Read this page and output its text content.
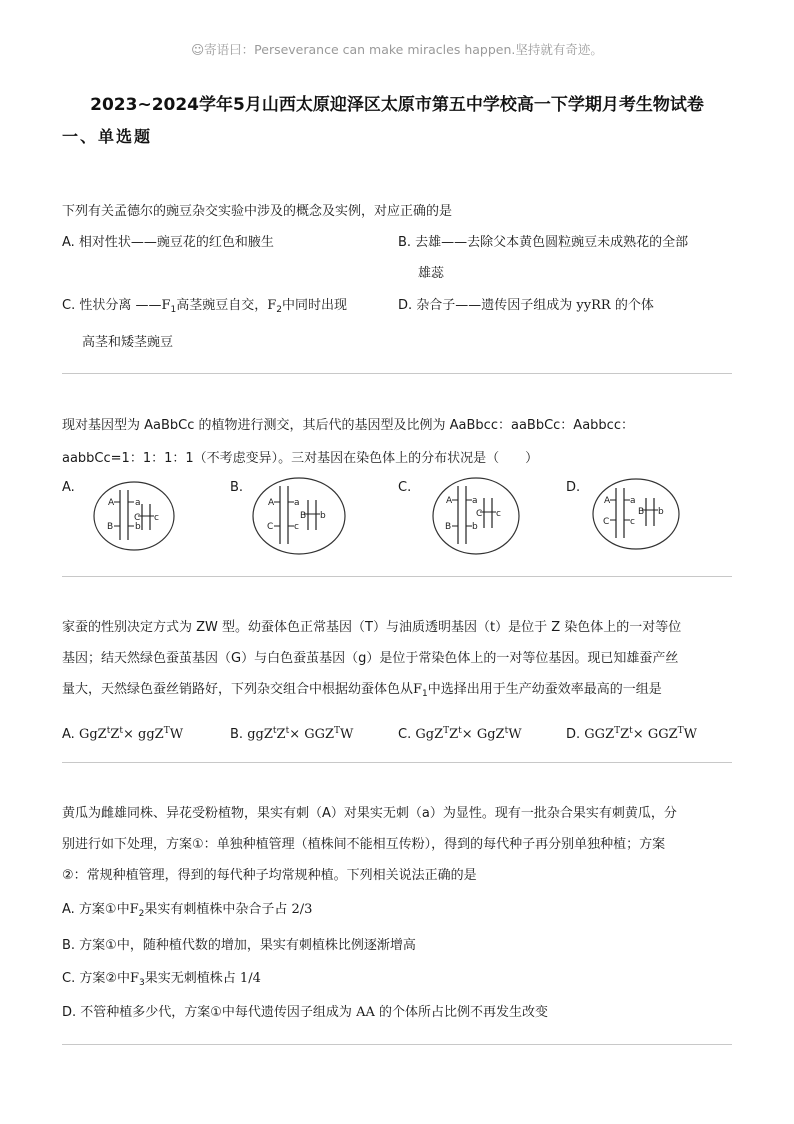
☺寄语曰：Perseverance can make miracles happen.坚持就有奇迹。
2023~2024学年5月山西太原迎泽区太原市第五中学校高一下学期月考生物试卷
一、单选题

下列有关孟德尔的豌豆杂交实验中涉及的概念及实例，对应正确的是

A. 相对性状——豌豆花的红色和腋生	B. 去雄——去除父本黄色圆粒豌豆未成熟花的全部
雄蕊
C. 性状分离 $——F_1$高茎豌豆自交，$F_2$中同时出现
高茎和矮茎豌豆
D. 杂合子——遗传因子组成为 yyRR 的个体

现对基因型为 AaBbCc 的植物进行测交，其后代的基因型及比例为 AaBbcc：aaBbCc：Aabbcc：

aabbCc=1：1：1：1（不考虑变异）。三对基因在染色体上的分布状况是（　　）

A.	B.	C.	D.
A a
B b
C c
A a
B b
C c
A a
C c
B b
A a
B b
C c

家蚕的性别决定方式为 ZW 型。幼蚕体色正常基因（T）与油质透明基因（t）是位于 Z 染色体上的一对等位

基因；结天然绿色蚕茧基因（G）与白色蚕茧基因（g）是位于常染色体上的一对等位基因。现已知雄蚕产丝

量大，天然绿色蚕丝销路好，下列杂交组合中根据幼蚕体色从$F_1$中选择出用于生产幼蚕效率最高的一组是

A. $GgZ^tZ^t\times ggZ^TW$	B. $ggZ^tZ^t\times GGZ^TW$	C. $GgZ^TZ^t\times GgZ^tW$	D. $GGZ^TZ^t\times GGZ^TW$

黄瓜为雌雄同株、异花受粉植物，果实有刺（A）对果实无刺（a）为显性。现有一批杂合果实有刺黄瓜，分

别进行如下处理，方案①：单独种植管理（植株间不能相互传粉），得到的每代种子再分别单独种植；方案

②：常规种植管理，得到的每代种子均常规种植。下列相关说法正确的是

A. 方案①中$F_2$果实有刺植株中杂合子占 2/3
B. 方案①中，随种植代数的增加，果实有刺植株比例逐渐增高
C. 方案②中$F_3$果实无刺植株占 1/4
D. 不管种植多少代，方案①中每代遗传因子组成为 AA 的个体所占比例不再发生改变
